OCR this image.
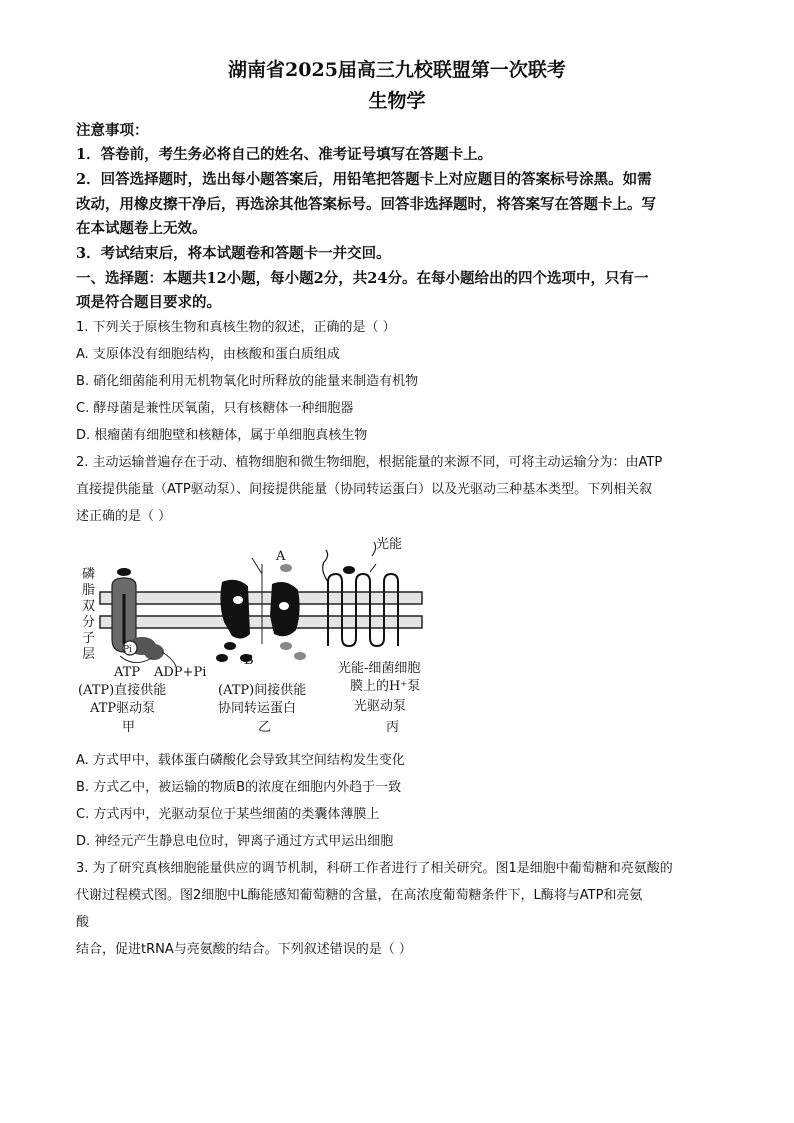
湖南省2025届高三九校联盟第一次联考
生物学
注意事项：
1．答卷前，考生务必将自己的姓名、准考证号填写在答题卡上。
2．回答选择题时，选出每小题答案后，用铅笔把答题卡上对应题目的答案标号涂黑。如需
改动，用橡皮擦干净后，再选涂其他答案标号。回答非选择题时，将答案写在答题卡上。写
在本试题卷上无效。
3．考试结束后，将本试题卷和答题卡一并交回。
一、选择题：本题共12小题，每小题2分，共24分。在每小题给出的四个选项中，只有一
项是符合题目要求的。
1. 下列关于原核生物和真核生物的叙述，正确的是（ ）
A. 支原体没有细胞结构，由核酸和蛋白质组成
B. 硝化细菌能利用无机物氧化时所释放的能量来制造有机物
C. 酵母菌是兼性厌氧菌，只有核糖体一种细胞器
D. 根瘤菌有细胞壁和核糖体，属于单细胞真核生物
2. 主动运输普遍存在于动、植物细胞和微生物细胞，根据能量的来源不同，可将主动运输分为：由ATP
直接提供能量（ATP驱动泵）、间接提供能量（协同转运蛋白）以及光驱动三种基本类型。下列相关叙
述正确的是（ ）
磷
脂
双
分
子
层	Pi
ATP ADP+Pi
A
B
光能
(ATP)直接供能
ATP驱动泵
甲
(ATP)间接供能
协同转运蛋白
乙
光能-细菌细胞
膜上的H⁺泵
光驱动泵
丙
A. 方式甲中，载体蛋白磷酸化会导致其空间结构发生变化
B. 方式乙中，被运输的物质B的浓度在细胞内外趋于一致
C. 方式丙中，光驱动泵位于某些细菌的类囊体薄膜上
D. 神经元产生静息电位时，钾离子通过方式甲运出细胞
3. 为了研究真核细胞能量供应的调节机制，科研工作者进行了相关研究。图1是细胞中葡萄糖和亮氨酸的
代谢过程模式图。图2细胞中L酶能感知葡萄糖的含量，在高浓度葡萄糖条件下，L酶将与ATP和亮氨
酸
结合，促进tRNA与亮氨酸的结合。下列叙述错误的是（ ）
